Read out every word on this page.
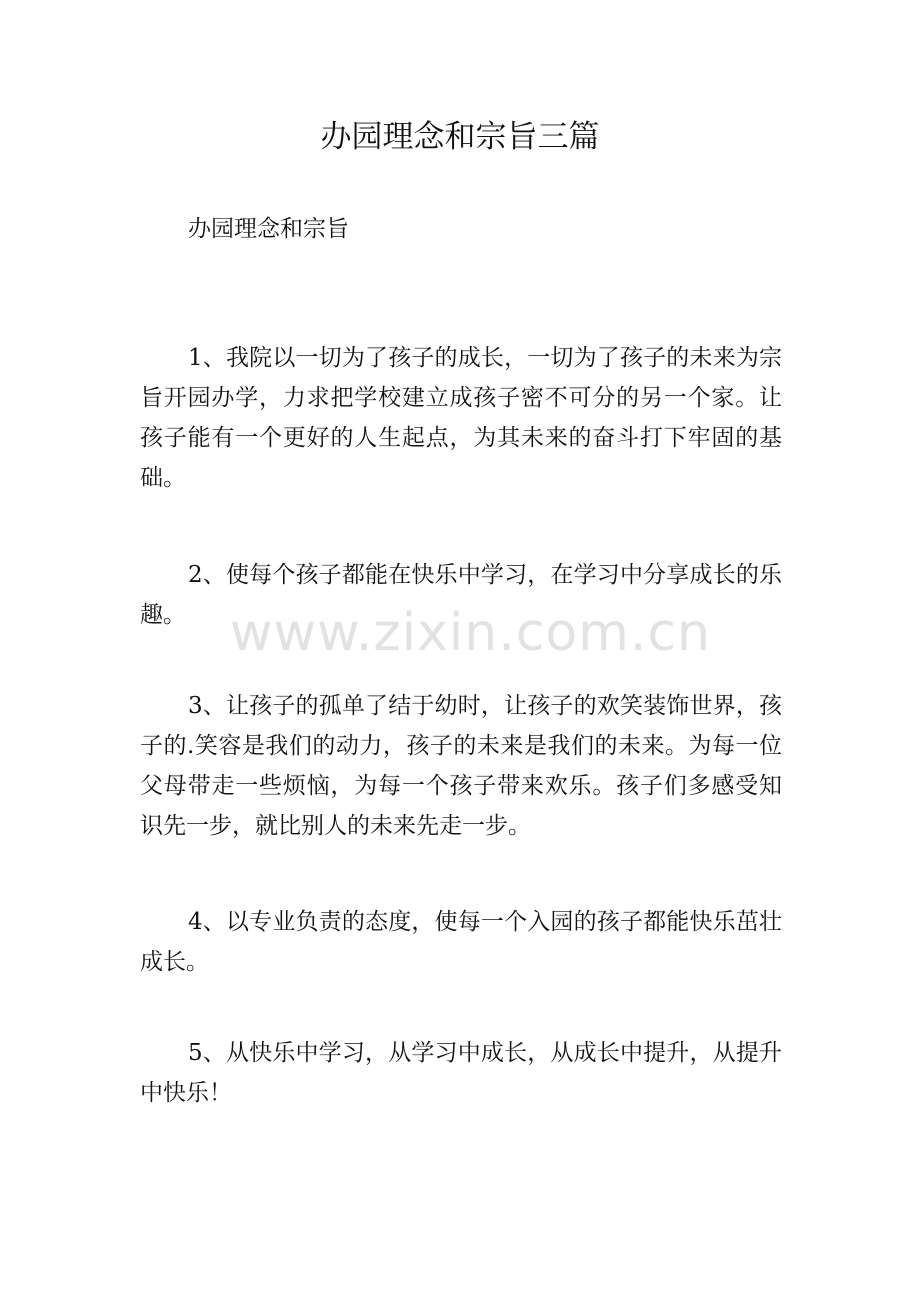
办园理念和宗旨三篇

办园理念和宗旨

1、我院以一切为了孩子的成长，一切为了孩子的未来为宗旨开园办学，力求把学校建立成孩子密不可分的另一个家。让孩子能有一个更好的人生起点，为其未来的奋斗打下牢固的基础。

2、使每个孩子都能在快乐中学习，在学习中分享成长的乐趣。

3、让孩子的孤单了结于幼时，让孩子的欢笑装饰世界，孩子的.笑容是我们的动力，孩子的未来是我们的未来。为每一位父母带走一些烦恼，为每一个孩子带来欢乐。孩子们多感受知识先一步，就比别人的未来先走一步。

4、以专业负责的态度，使每一个入园的孩子都能快乐茁壮成长。

5、从快乐中学习，从学习中成长，从成长中提升，从提升中快乐！

www.zixin.com.cn
